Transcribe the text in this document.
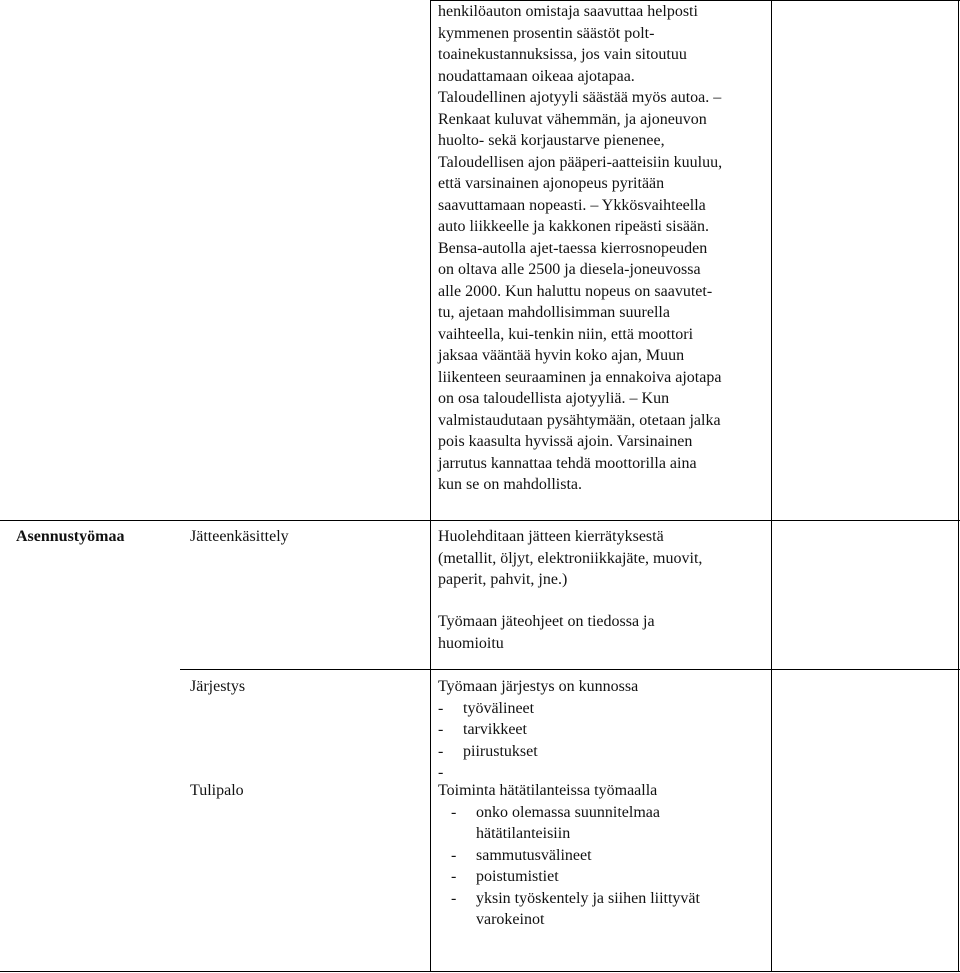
henkilöauton omistaja saavuttaa helposti
kymmenen prosentin säästöt polt-
toainekustannuksissa, jos vain sitoutuu
noudattamaan oikeaa ajotapaa.
Taloudellinen ajotyyli säästää myös autoa. –
Renkaat kuluvat vähemmän, ja ajoneuvon
huolto- sekä korjaustarve pienenee,
Taloudellisen ajon pääperi-aatteisiin kuuluu,
että varsinainen ajonopeus pyritään
saavuttamaan nopeasti. – Ykkösvaihteella
auto liikkeelle ja kakkonen ripeästi sisään.
Bensa-autolla ajet-taessa kierrosnopeuden
on oltava alle 2500 ja diesela-joneuvossa
alle 2000. Kun haluttu nopeus on saavutet-
tu, ajetaan mahdollisimman suurella
vaihteella, kui-tenkin niin, että moottori
jaksaa vääntää hyvin koko ajan, Muun
liikenteen seuraaminen ja ennakoiva ajotapa
on osa taloudellista ajotyyliä. – Kun
valmistaudutaan pysähtymään, otetaan jalka
pois kaasulta hyvissä ajoin. Varsinainen
jarrutus kannattaa tehdä moottorilla aina
kun se on mahdollista.
Asennustyömaa	Jätteenkäsittely	Huolehditaan jätteen kierrätyksestä
(metallit, öljyt, elektroniikkajäte, muovit,
paperit, pahvit, jne.)
Työmaan jäteohjeet on tiedossa ja
huomioitu
Järjestys	Työmaan järjestys on kunnossa
- työvälineet
- tarvikkeet
- piirustukset
-
Tulipalo	Toiminta hätätilanteissa työmaalla
- onko olemassa suunnitelmaa
hätätilanteisiin
- sammutusvälineet
- poistumistiet
- yksin työskentely ja siihen liittyvät
varokeinot
